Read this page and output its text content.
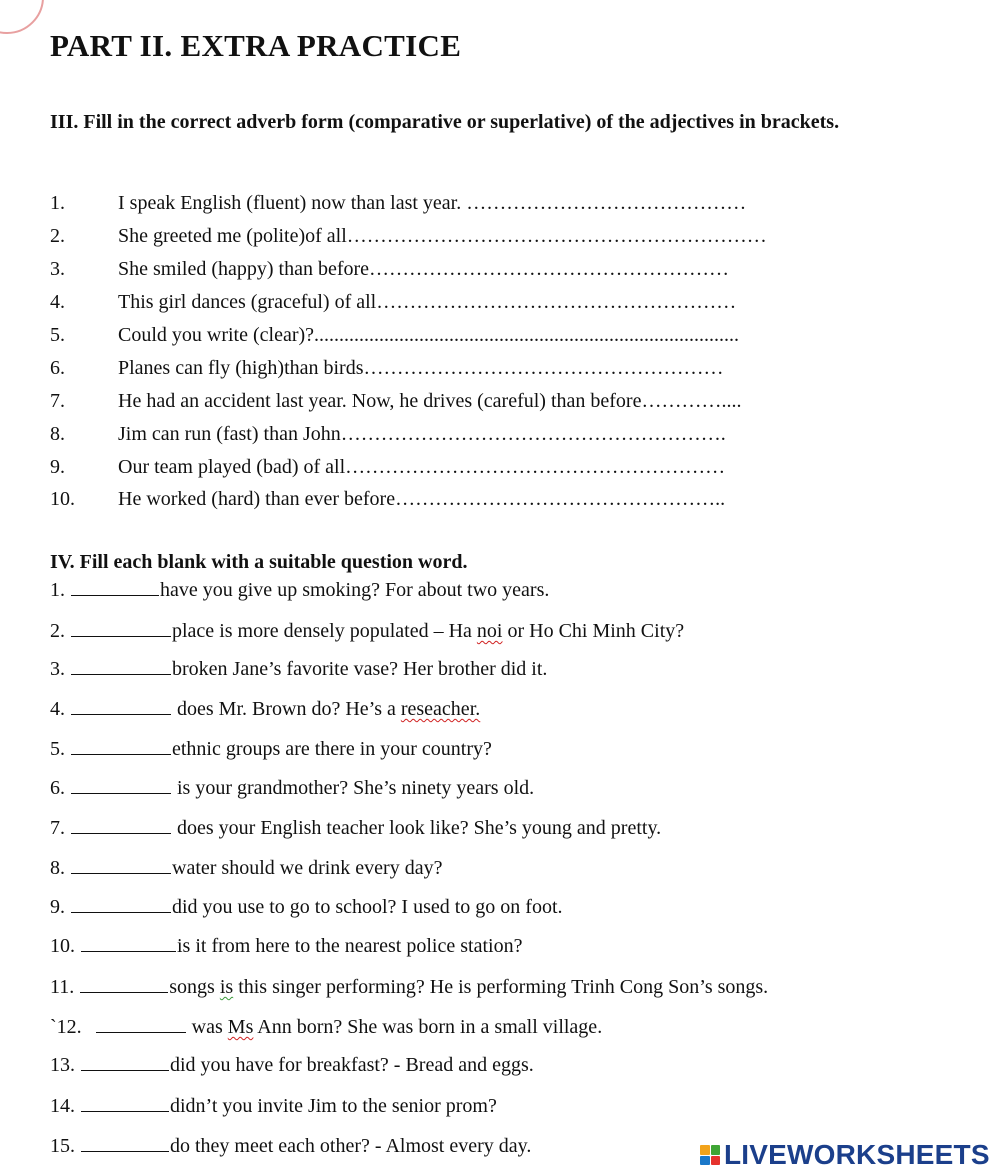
PART II. EXTRA PRACTICE

III. Fill in the correct adverb form (comparative or superlative) of the adjectives in brackets.

1.	I speak English (fluent) now than last year. ……………………………………
2.	She greeted me (polite)of all………………………………………………………
3.	She smiled (happy) than before………………………………………………
4.	This girl dances (graceful) of all………………………………………………
5.	Could you write (clear)?.....................................................................................
6.	Planes can fly (high)than birds………………………………………………
7.	He had an accident last year. Now, he drives (careful) than before…………....
8.	Jim can run (fast) than John………………………………………………….
9.	Our team played (bad) of all…………………………………………………
10. He worked (hard) than ever before…………………………………………..

IV. Fill each blank with a suitable question word.

1.	have you give up smoking? For about two years.
2.	place is more densely populated – Ha noi or Ho Chi Minh City?
3.	broken Jane’s favorite vase? Her brother did it.
4.	does Mr. Brown do? He’s a reseacher.
5.	ethnic groups are there in your country?
6.	is your grandmother? She’s ninety years old.
7.	does your English teacher look like? She’s young and pretty.
8.	water should we drink every day?
9.	did you use to go to school? I used to go on foot.
10.	is it from here to the nearest police station?
11.	songs is this singer performing? He is performing Trinh Cong Son’s songs.
`12.	was Ms Ann born? She was born in a small village.
13.	did you have for breakfast? - Bread and eggs.
14.	didn’t you invite Jim to the senior prom?
15.	do they meet each other? - Almost every day.	LIVEWORKSHEETS
